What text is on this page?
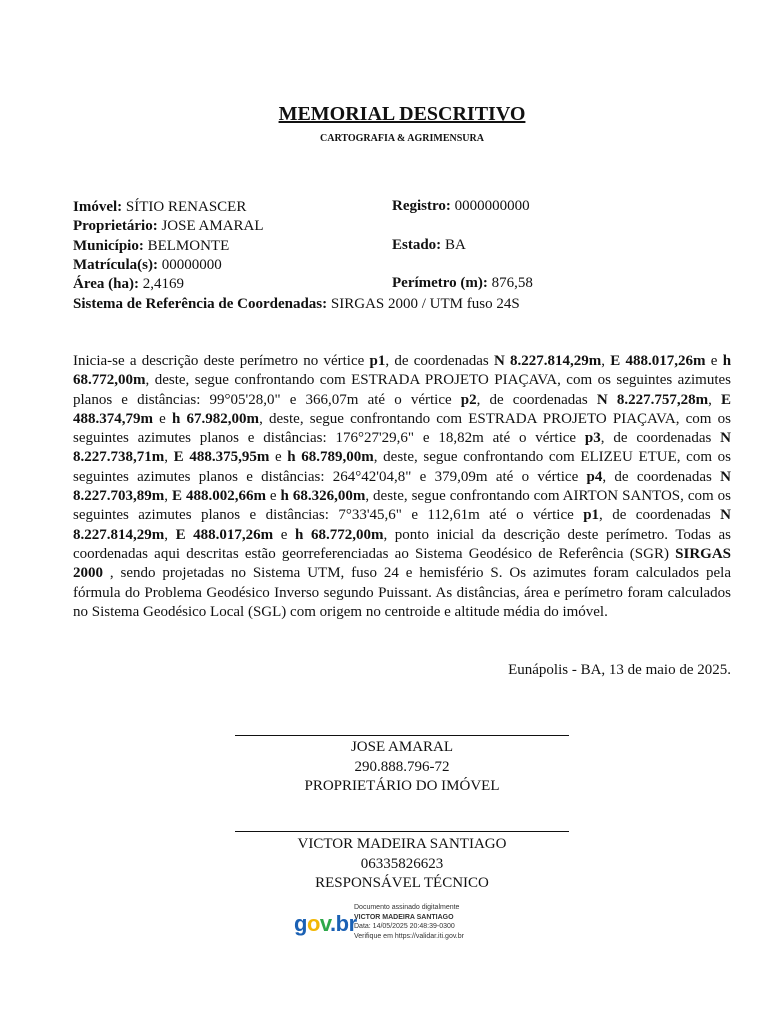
MEMORIAL DESCRITIVO
CARTOGRAFIA & AGRIMENSURA
Imóvel: SÍTIO RENASCER	Registro: 0000000000
Proprietário: JOSE AMARAL
Município: BELMONTE	Estado: BA
Matrícula(s): 00000000
Área (ha): 2,4169	Perímetro (m): 876,58
Sistema de Referência de Coordenadas: SIRGAS 2000 / UTM fuso 24S
Inicia-se a descrição deste perímetro no vértice p1, de coordenadas N 8.227.814,29m, E 488.017,26m e h 68.772,00m, deste, segue confrontando com ESTRADA PROJETO PIAÇAVA, com os seguintes azimutes planos e distâncias: 99°05'28,0" e 366,07m até o vértice p2, de coordenadas N 8.227.757,28m, E 488.374,79m e h 67.982,00m, deste, segue confrontando com ESTRADA PROJETO PIAÇAVA, com os seguintes azimutes planos e distâncias: 176°27'29,6" e 18,82m até o vértice p3, de coordenadas N 8.227.738,71m, E 488.375,95m e h 68.789,00m, deste, segue confrontando com ELIZEU ETUE, com os seguintes azimutes planos e distâncias: 264°42'04,8" e 379,09m até o vértice p4, de coordenadas N 8.227.703,89m, E 488.002,66m e h 68.326,00m, deste, segue confrontando com AIRTON SANTOS, com os seguintes azimutes planos e distâncias: 7°33'45,6" e 112,61m até o vértice p1, de coordenadas N 8.227.814,29m, E 488.017,26m e h 68.772,00m, ponto inicial da descrição deste perímetro. Todas as coordenadas aqui descritas estão georreferenciadas ao Sistema Geodésico de Referência (SGR) SIRGAS 2000 , sendo projetadas no Sistema UTM, fuso 24 e hemisfério S. Os azimutes foram calculados pela fórmula do Problema Geodésico Inverso segundo Puissant. As distâncias, área e perímetro foram calculados no Sistema Geodésico Local (SGL) com origem no centroide e altitude média do imóvel.
Eunápolis - BA, 13 de maio de 2025.
JOSE AMARAL
290.888.796-72
PROPRIETÁRIO DO IMÓVEL
VICTOR MADEIRA SANTIAGO
06335826623
RESPONSÁVEL TÉCNICO
gov.br
Documento assinado digitalmente
VICTOR MADEIRA SANTIAGO
Data: 14/05/2025 20:48:39-0300
Verifique em https://validar.iti.gov.br
